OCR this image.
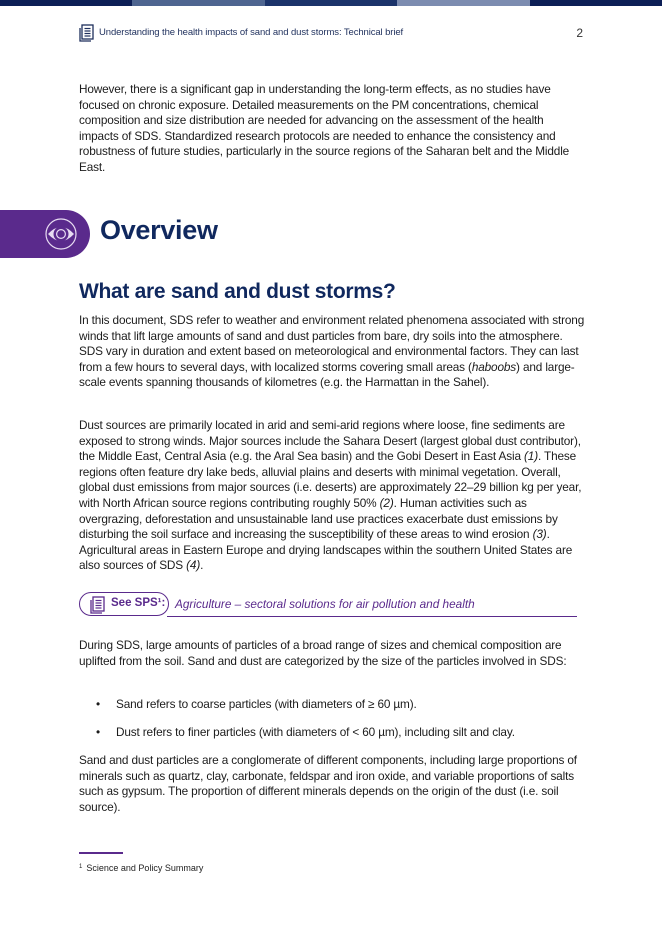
Understanding the health impacts of sand and dust storms: Technical brief	2

However, there is a significant gap in understanding the long-term effects, as no studies have focused on chronic exposure. Detailed measurements on the PM concentrations, chemical composition and size distribution are needed for advancing on the assessment of the health impacts of SDS. Standardized research protocols are needed to enhance the consistency and robustness of future studies, particularly in the source regions of the Saharan belt and the Middle East.

Overview
What are sand and dust storms?

In this document, SDS refer to weather and environment related phenomena associated with strong winds that lift large amounts of sand and dust particles from bare, dry soils into the atmosphere. SDS vary in duration and extent based on meteorological and environmental factors. They can last from a few hours to several days, with localized storms covering small areas (haboobs) and large-scale events spanning thousands of kilometres (e.g. the Harmattan in the Sahel).

Dust sources are primarily located in arid and semi-arid regions where loose, fine sediments are exposed to strong winds. Major sources include the Sahara Desert (largest global dust contributor), the Middle East, Central Asia (e.g. the Aral Sea basin) and the Gobi Desert in East Asia (1). These regions often feature dry lake beds, alluvial plains and deserts with minimal vegetation. Overall, global dust emissions from major sources (i.e. deserts) are approximately 22–29 billion kg per year, with North African source regions contributing roughly 50% (2). Human activities such as overgrazing, deforestation and unsustainable land use practices exacerbate dust emissions by disturbing the soil surface and increasing the susceptibility of these areas to wind erosion (3). Agricultural areas in Eastern Europe and drying landscapes within the southern United States are also sources of SDS (4).

See SPS¹: Agriculture – sectoral solutions for air pollution and health

During SDS, large amounts of particles of a broad range of sizes and chemical composition are uplifted from the soil. Sand and dust are categorized by the size of the particles involved in SDS:

• Sand refers to coarse particles (with diameters of ≥ 60 µm).
• Dust refers to finer particles (with diameters of < 60 µm), including silt and clay.

Sand and dust particles are a conglomerate of different components, including large proportions of minerals such as quartz, clay, carbonate, feldspar and iron oxide, and variable proportions of salts such as gypsum. The proportion of different minerals depends on the origin of the dust (i.e. soil source).

$^1$ Science and Policy Summary
